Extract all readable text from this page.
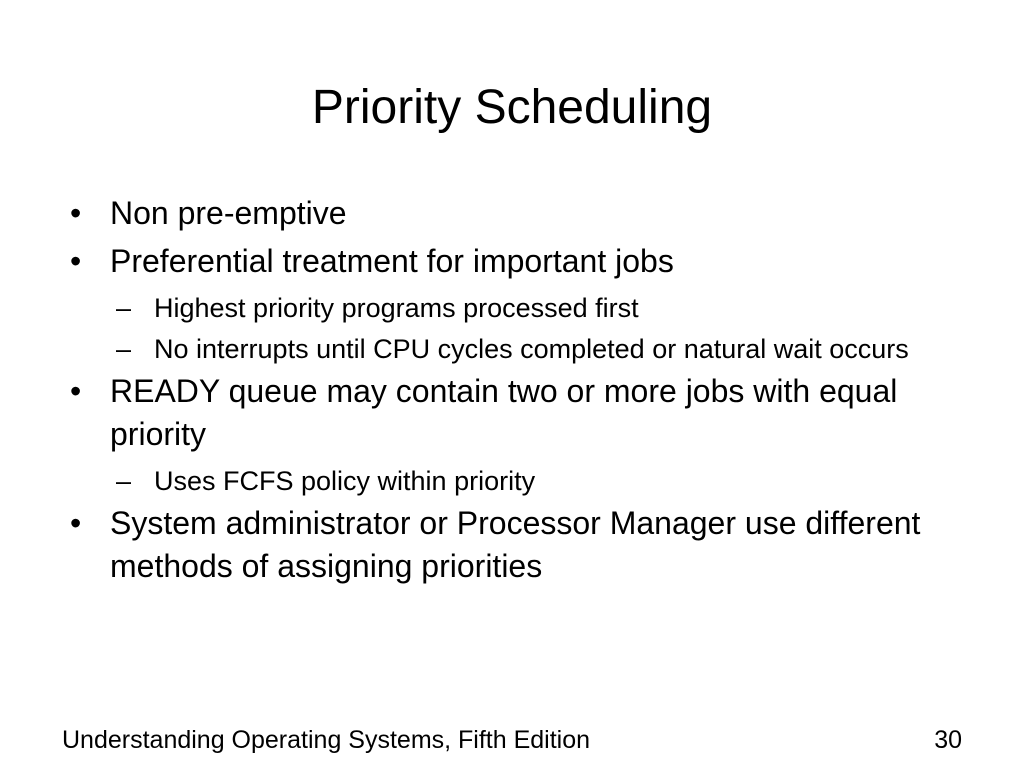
Priority Scheduling
• Non pre-emptive
• Preferential treatment for important jobs
– Highest priority programs processed first
– No interrupts until CPU cycles completed or natural wait occurs
• READY queue may contain two or more jobs with equal priority
– Uses FCFS policy within priority
• System administrator or Processor Manager use different methods of assigning priorities
Understanding Operating Systems, Fifth Edition	30
